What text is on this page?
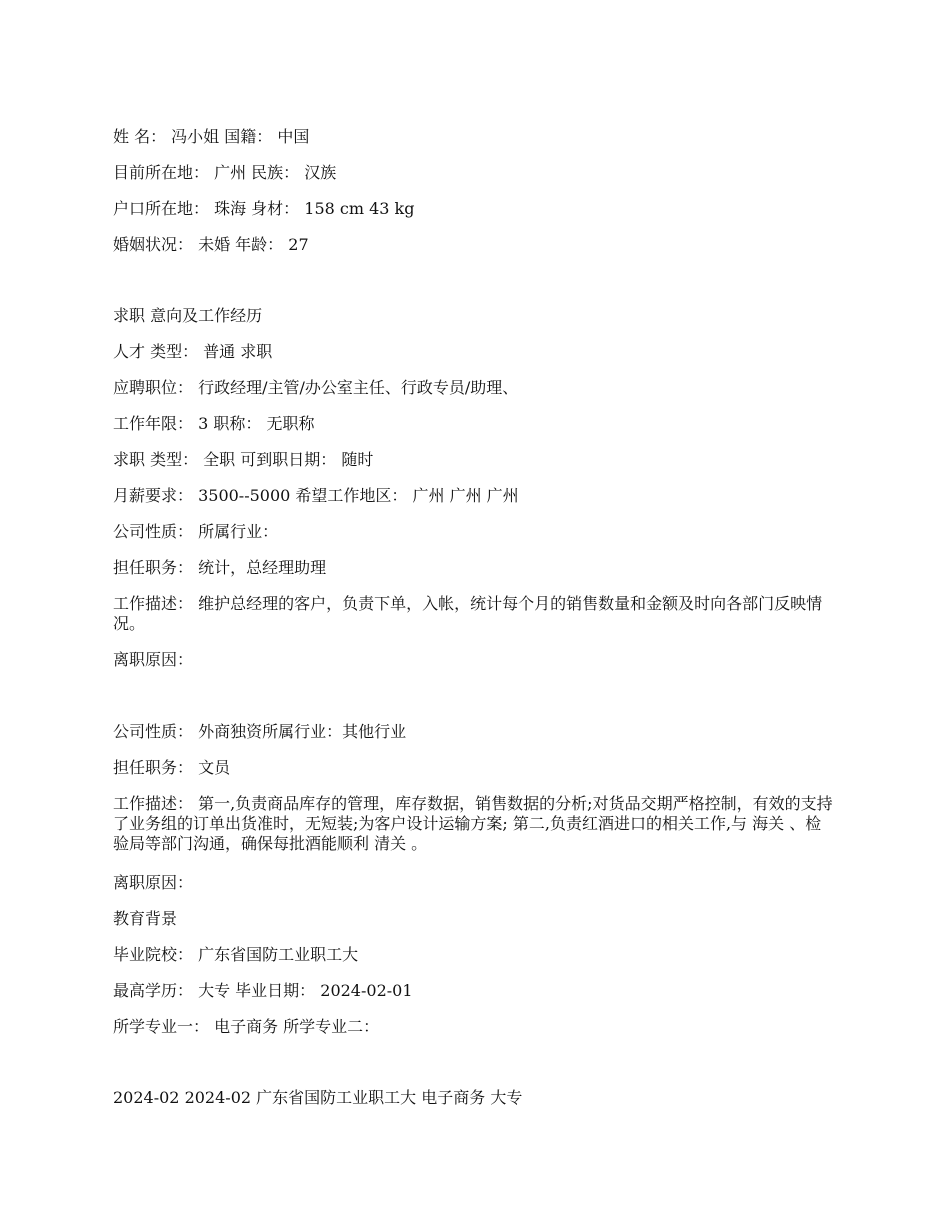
姓 名： 冯小姐 国籍： 中国

目前所在地： 广州 民族： 汉族

户口所在地： 珠海 身材： 158 cm 43 kg

婚姻状况： 未婚 年龄： 27

求职 意向及工作经历

人才 类型： 普通 求职

应聘职位： 行政经理/主管/办公室主任、行政专员/助理、

工作年限： 3 职称： 无职称

求职 类型： 全职 可到职日期： 随时

月薪要求： 3500--5000 希望工作地区： 广州 广州 广州

公司性质： 所属行业：

担任职务： 统计，总经理助理

工作描述： 维护总经理的客户，负责下单，入帐，统计每个月的销售数量和金额及时向各部门反映情况。

离职原因：

公司性质： 外商独资所属行业：其他行业

担任职务： 文员

工作描述： 第一,负责商品库存的管理，库存数据，销售数据的分析;对货品交期严格控制，有效的支持了业务组的订单出货准时，无短装;为客户设计运输方案; 第二,负责红酒进口的相关工作,与 海关 、检验局等部门沟通，确保每批酒能顺利 清关 。

离职原因：

教育背景

毕业院校： 广东省国防工业职工大

最高学历： 大专 毕业日期： 2024-02-01

所学专业一： 电子商务 所学专业二：

2024-02 2024-02 广东省国防工业职工大 电子商务 大专
